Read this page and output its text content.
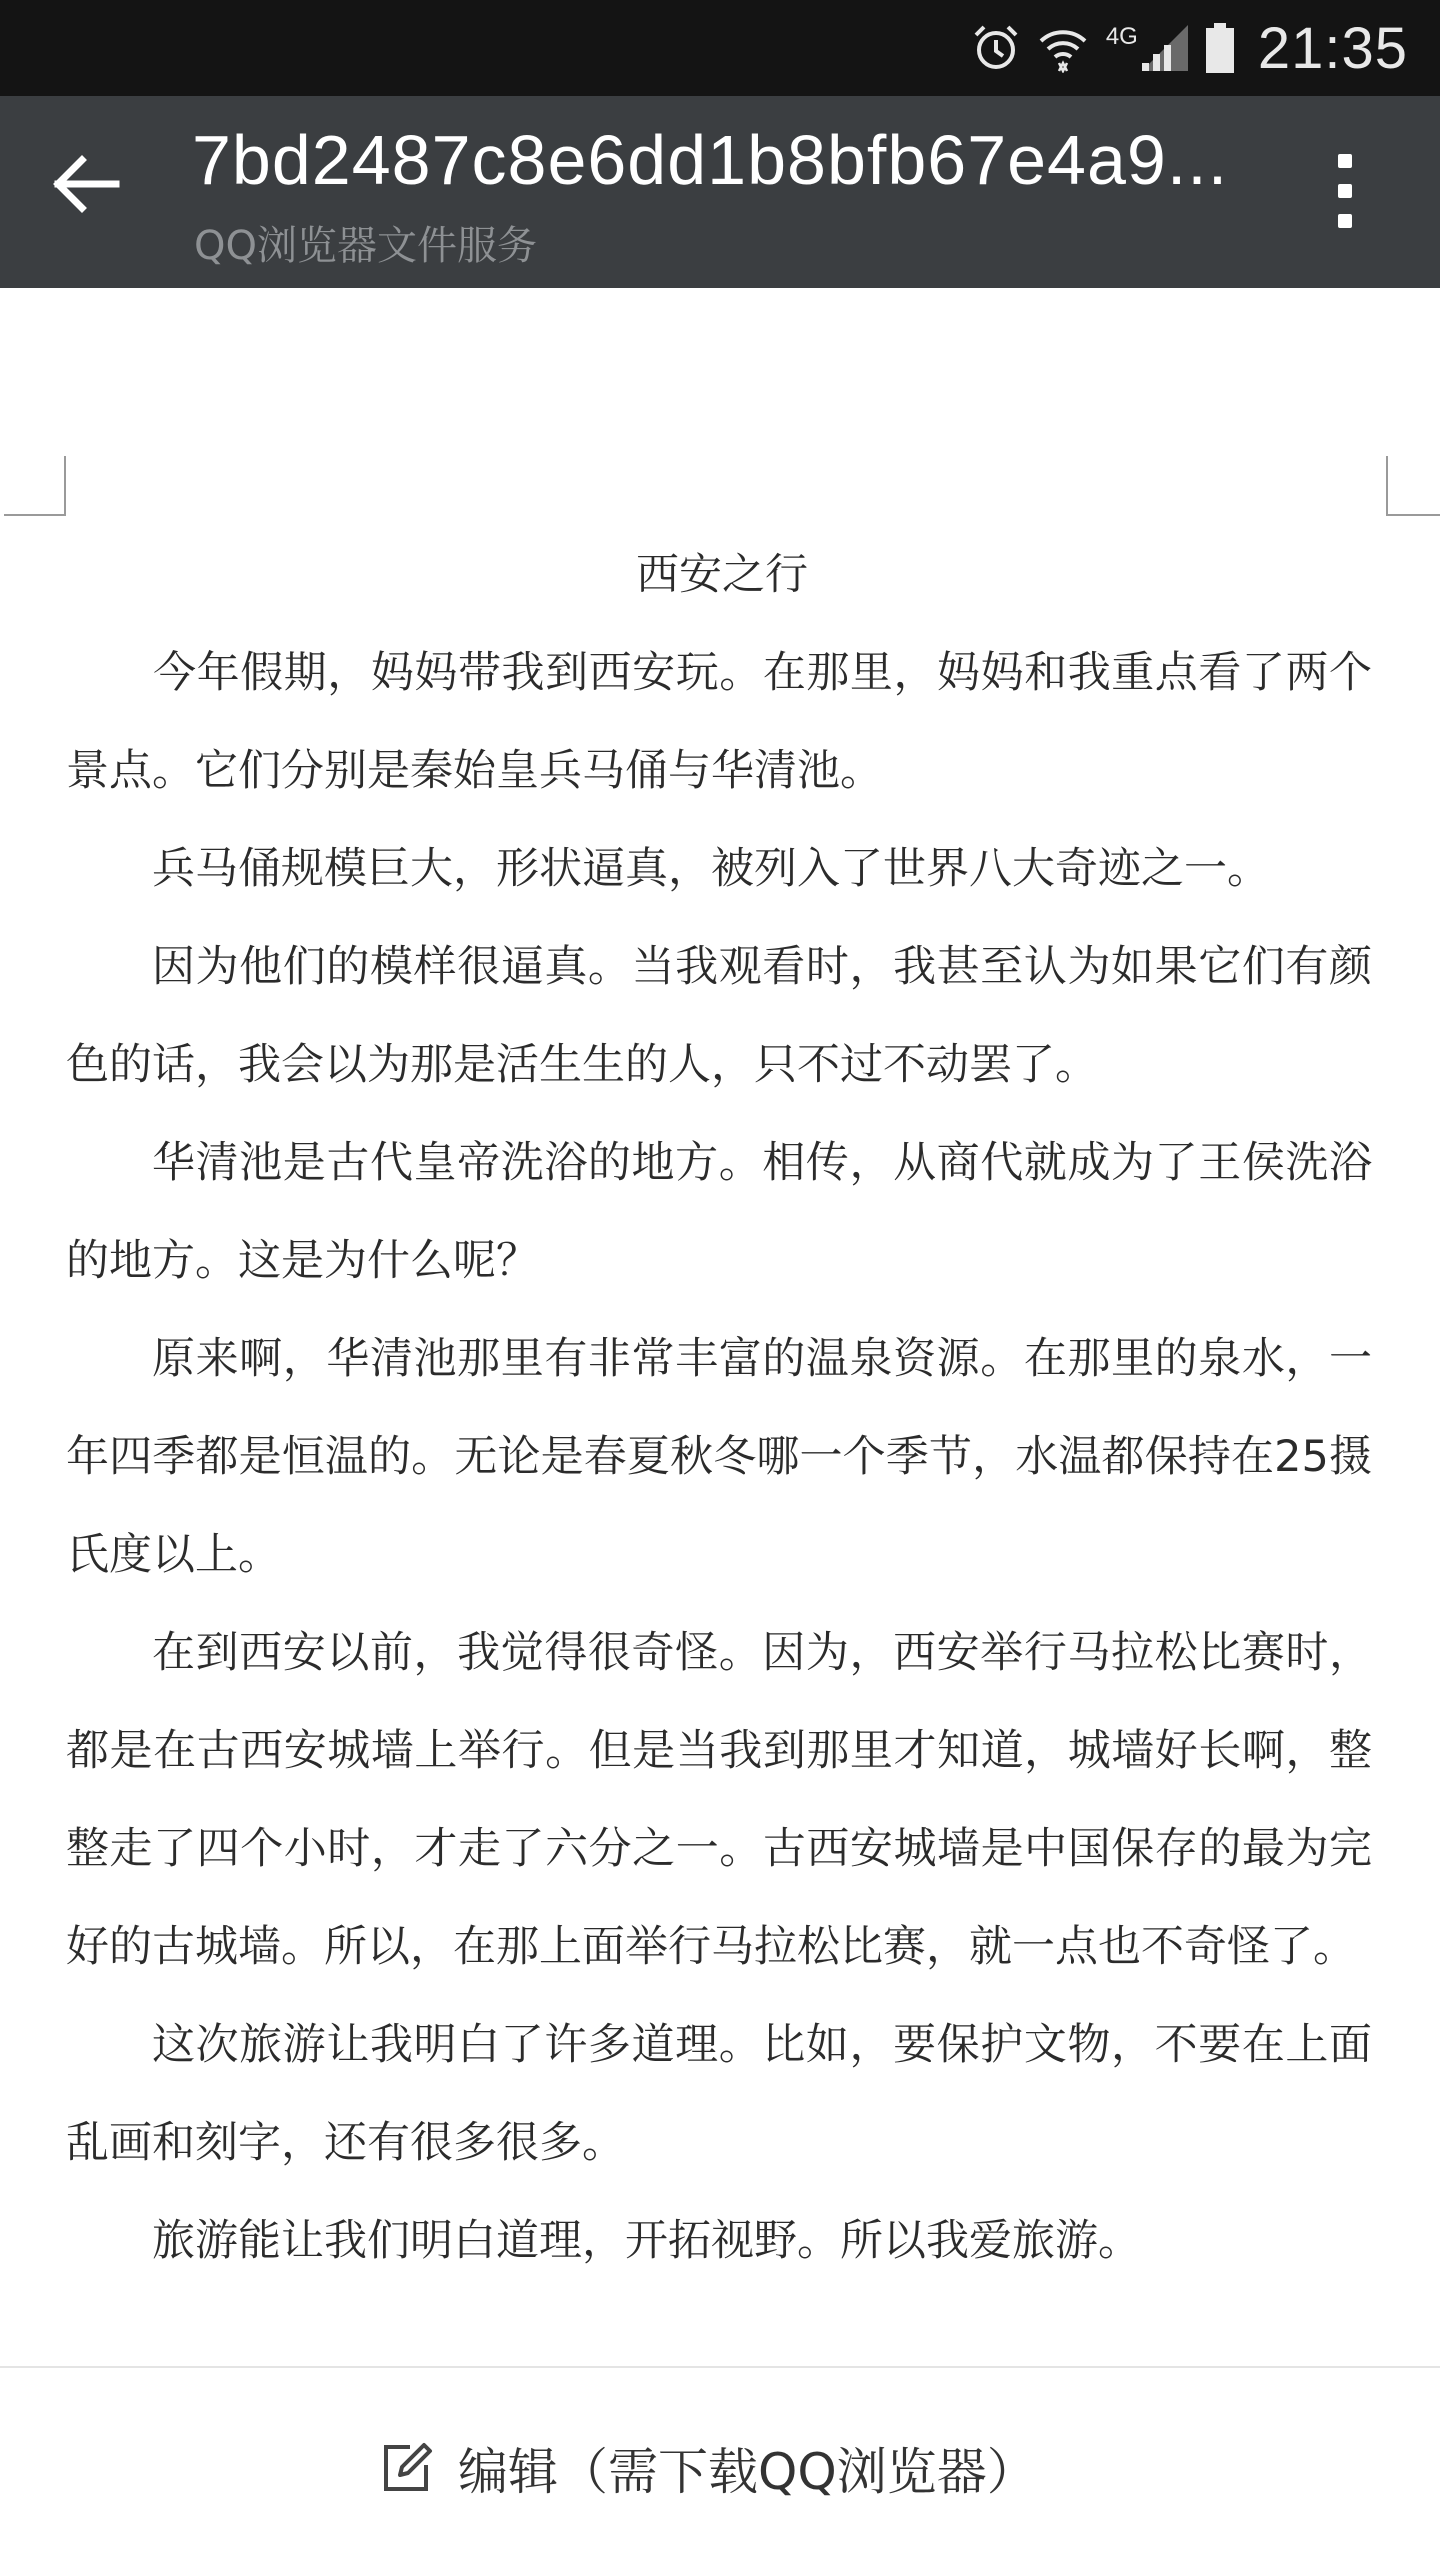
4G 21:35
7bd2487c8e6dd1b8bfb67e4a9...
QQ浏览器文件服务
西安之行

　　今年假期，妈妈带我到西安玩。在那里，妈妈和我重点看了两个景点。它们分别是秦始皇兵马俑与华清池。

兵马俑规模巨大，形状逼真，被列入了世界八大奇迹之一。

因为他们的模样很逼真。当我观看时，我甚至认为如果它们有颜色的话，我会以为那是活生生的人，只不过不动罢了。

华清池是古代皇帝洗浴的地方。相传，从商代就成为了王侯洗浴的地方。这是为什么呢？

原来啊，华清池那里有非常丰富的温泉资源。在那里的泉水，一年四季都是恒温的。无论是春夏秋冬哪一个季节，水温都保持在25摄氏度以上。

在到西安以前，我觉得很奇怪。因为，西安举行马拉松比赛时，都是在古西安城墙上举行。但是当我到那里才知道，城墙好长啊，整整走了四个小时，才走了六分之一。古西安城墙是中国保存的最为完好的古城墙。所以，在那上面举行马拉松比赛，就一点也不奇怪了。

这次旅游让我明白了许多道理。比如，要保护文物，不要在上面乱画和刻字，还有很多很多。

旅游能让我们明白道理，开拓视野。所以我爱旅游。

编辑（需下载QQ浏览器）
